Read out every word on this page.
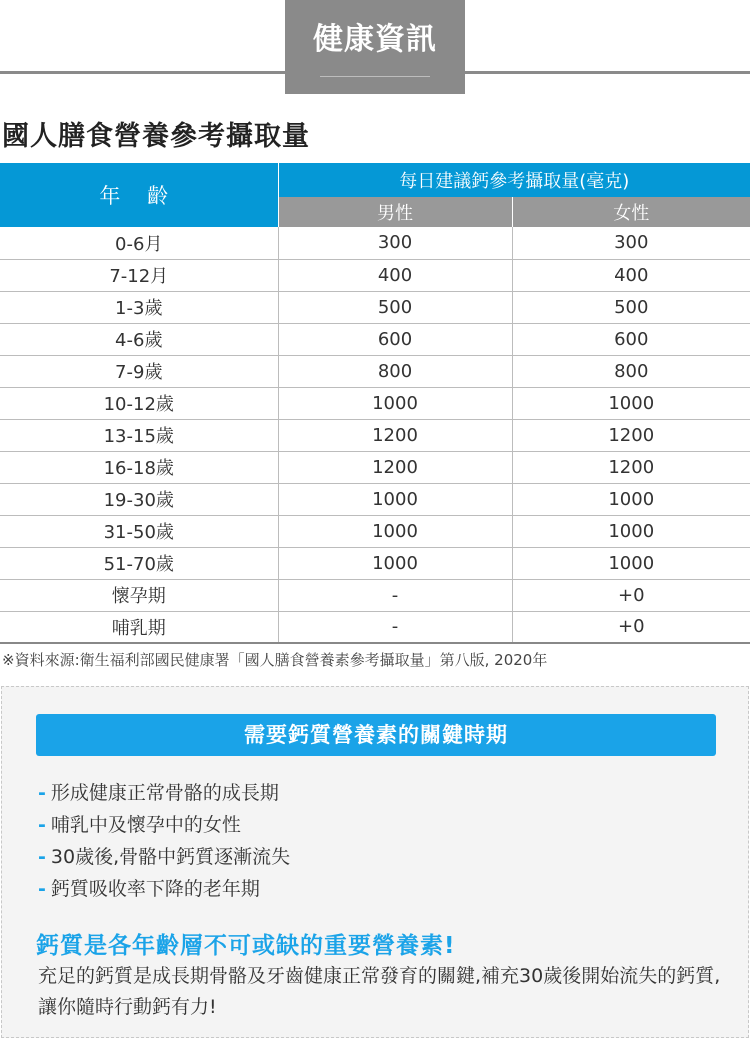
健康資訊
國人膳食營養參考攝取量
年 齡	每日建議鈣參考攝取量(毫克)	
	男性	女性
0-6月	300	300
7-12月	400	400
1-3歲	500	500
4-6歲	600	600
7-9歲	800	800
10-12歲	1000	1000
13-15歲	1200	1200
16-18歲	1200	1200
19-30歲	1000	1000
31-50歲	1000	1000
51-70歲	1000	1000
懷孕期	-	+0
哺乳期	-	+0
※資料來源:衛生福利部國民健康署「國人膳食營養素參考攝取量」第八版, 2020年
需要鈣質營養素的關鍵時期
- 形成健康正常骨骼的成長期
- 哺乳中及懷孕中的女性
- 30歲後,骨骼中鈣質逐漸流失
- 鈣質吸收率下降的老年期
鈣質是各年齡層不可或缺的重要營養素!

充足的鈣質是成長期骨骼及牙齒健康正常發育的關鍵,補充30歲後開始流失的鈣質,讓你隨時行動鈣有力!
